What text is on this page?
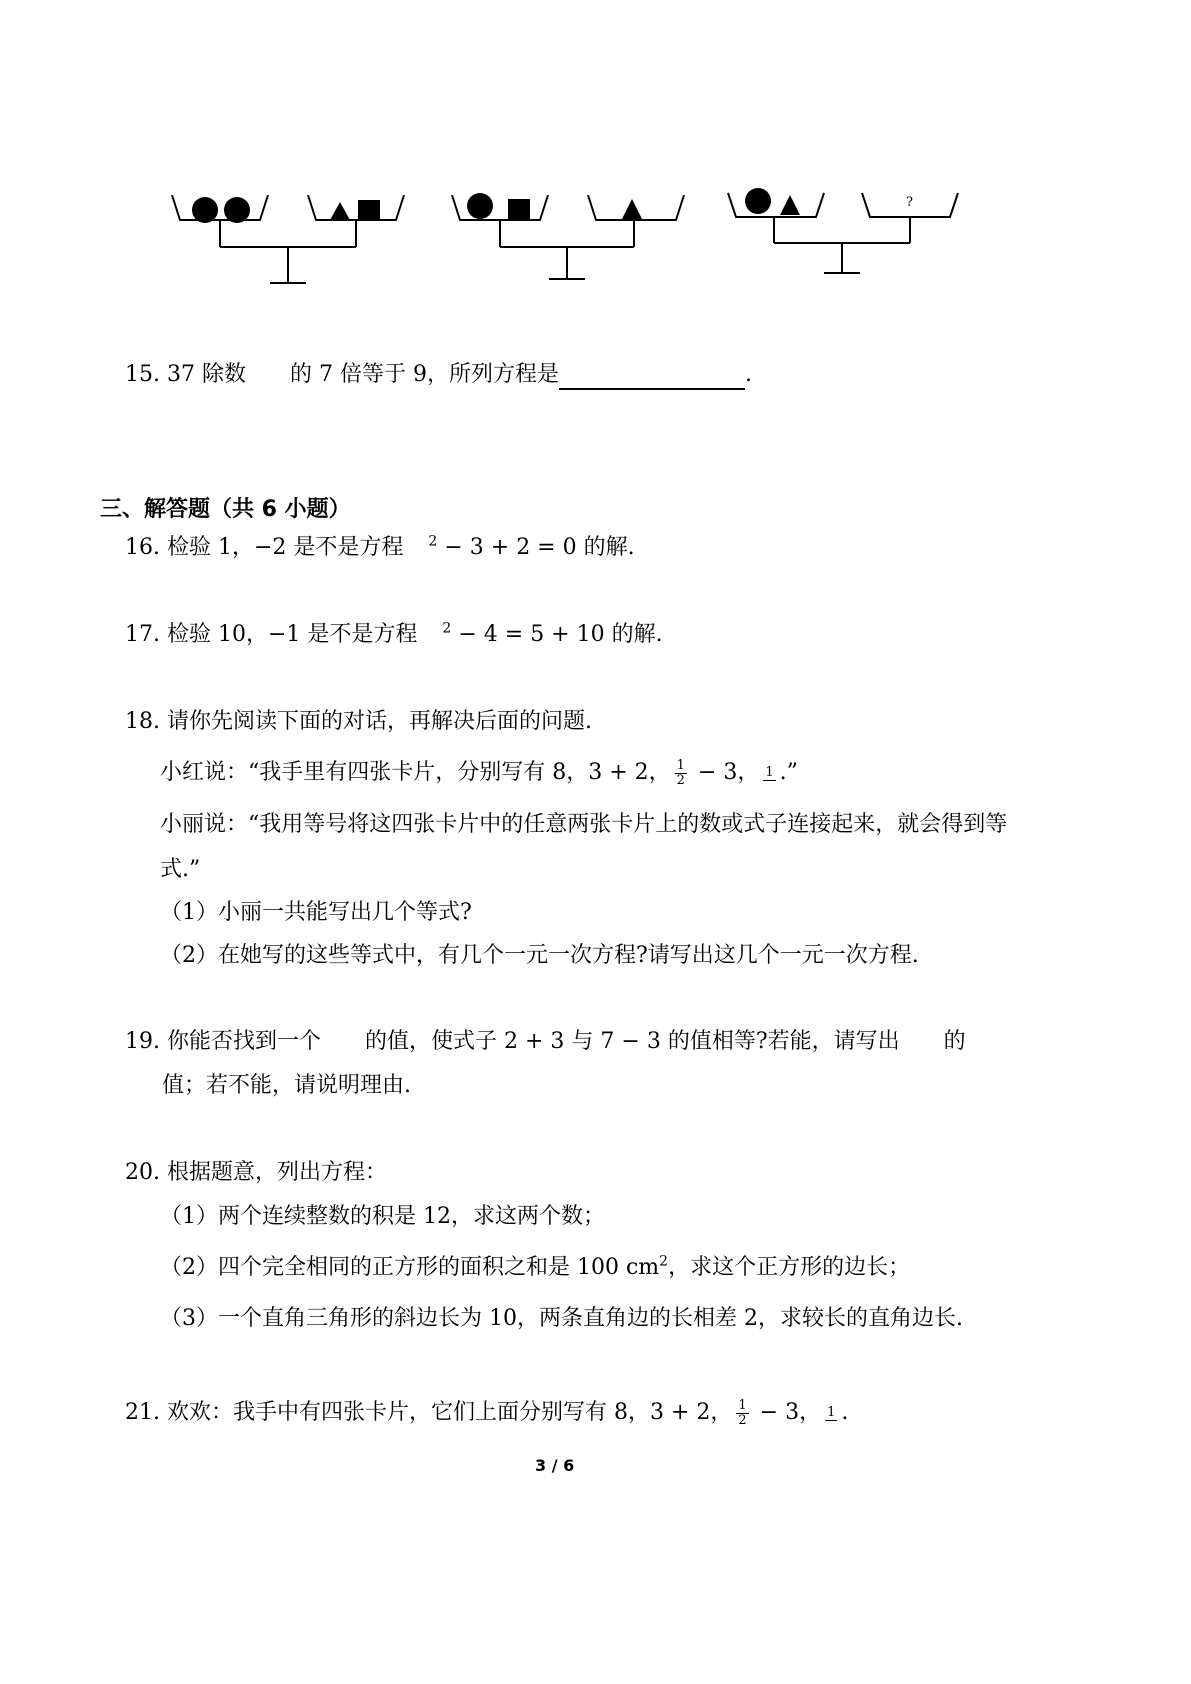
?
15. 37 除数 的 7 倍等于 9，所列方程是	.
三、解答题（共 6 小题）
16. 检验 1，−2 是不是方程 $^2$ − 3 + 2 = 0 的解.
17. 检验 10，−1 是不是方程 $^2$ − 4 = 5 + 10 的解.
18. 请你先阅读下面的对话，再解决后面的问题.
小红说：“我手里有四张卡片，分别写有 8，3 + 2， $\frac{1}{2} - 3$， 1 .”
小丽说：“我用等号将这四张卡片中的任意两张卡片上的数或式子连接起来，就会得到等
式.”
（1）小丽一共能写出几个等式?
（2）在她写的这些等式中，有几个一元一次方程?请写出这几个一元一次方程.
19. 你能否找到一个 的值，使式子 2 + 3 与 7 − 3 的值相等?若能，请写出 的
值；若不能，请说明理由.
20. 根据题意，列出方程：
（1）两个连续整数的积是 12，求这两个数；
（2）四个完全相同的正方形的面积之和是 100 $cm^2$，求这个正方形的边长；
（3）一个直角三角形的斜边长为 10，两条直角边的长相差 2，求较长的直角边长.
21. 欢欢：我手中有四张卡片，它们上面分别写有 8，3 + 2， $\frac{1}{2} - 3$， 1 .
3 / 6
